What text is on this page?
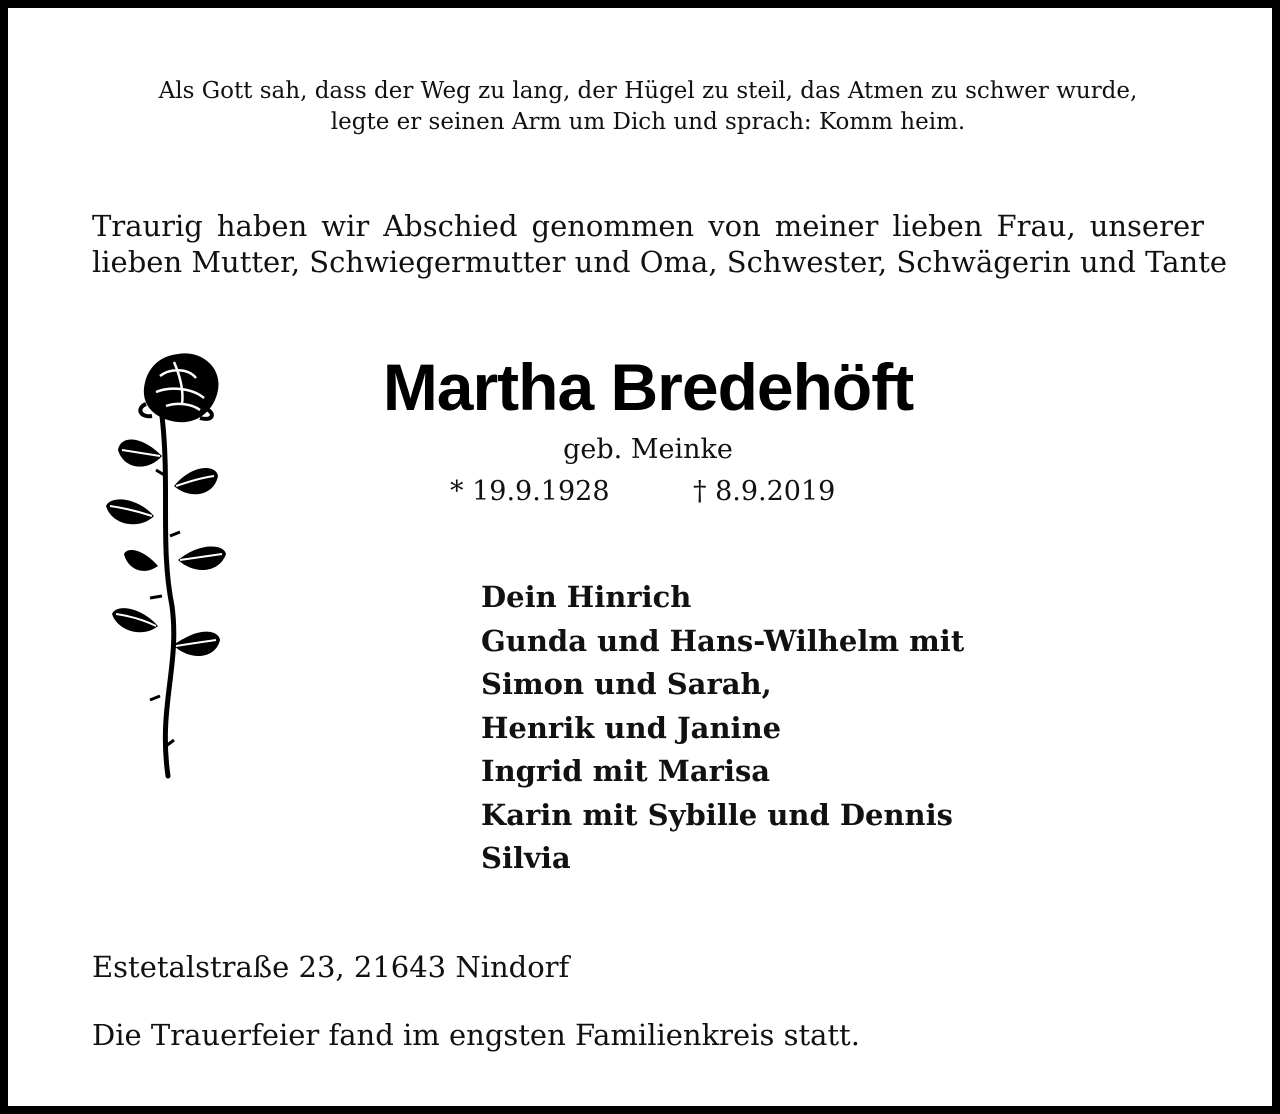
Als Gott sah, dass der Weg zu lang, der Hügel zu steil, das Atmen zu schwer wurde,
legte er seinen Arm um Dich und sprach: Komm heim.
Traurig haben wir Abschied genommen von meiner lieben Frau, unserer
lieben Mutter, Schwiegermutter und Oma, Schwester, Schwägerin und Tante
Martha Bredehöft
geb. Meinke
* 19.9.1928	† 8.9.2019
Dein Hinrich
Gunda und Hans-Wilhelm mit
Simon und Sarah,
Henrik und Janine
Ingrid mit Marisa
Karin mit Sybille und Dennis
Silvia
Estetalstraße 23, 21643 Nindorf
Die Trauerfeier fand im engsten Familienkreis statt.
